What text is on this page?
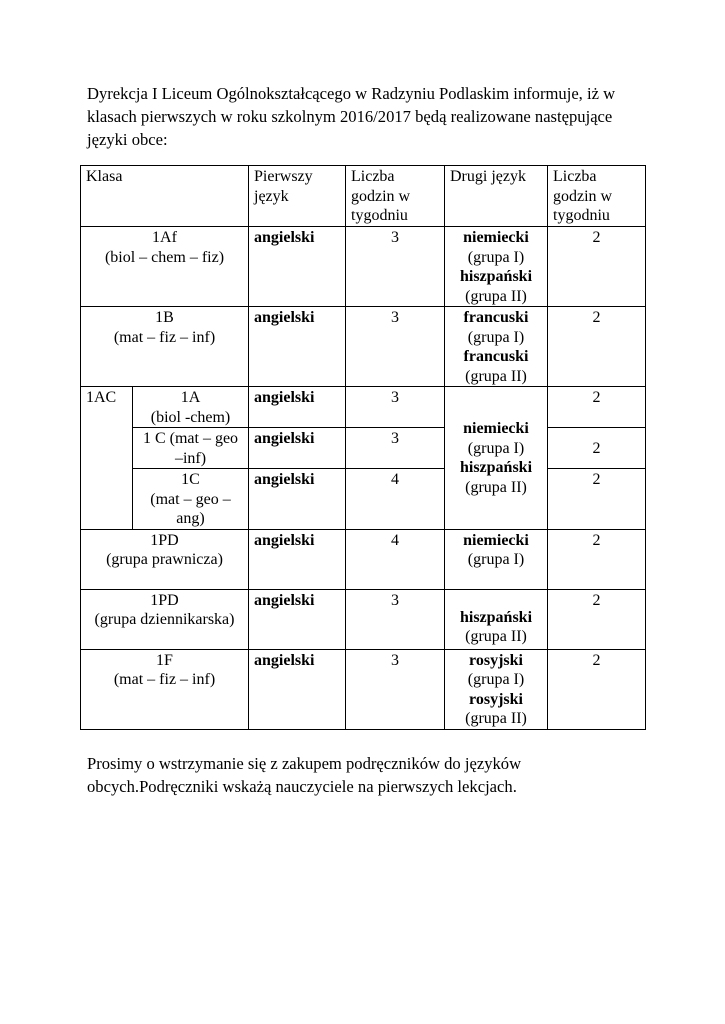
Dyrekcja I Liceum Ogólnokształcącego w Radzyniu Podlaskim informuje, iż w klasach pierwszych w roku szkolnym 2016/2017 będą realizowane następujące języki obce:

Klasa		Pierwszy język	Liczba godzin w tygodniu	Drugi język	Liczba godzin w tygodniu

1Af
(biol – chem – fiz)		angielski	3	niemiecki
(grupa I)
hiszpański
(grupa II)	2

1B
(mat – fiz – inf)		angielski	3	francuski
(grupa I)
francuski
(grupa II)	2
1AC	1A
(biol -chem)	angielski	3	niemiecki
(grupa I)
hiszpański
(grupa II)	2
	1 C (mat – geo –inf)	angielski	3		2

	1C
(mat – geo – ang)	angielski	4		2

1PD
(grupa prawnicza)		angielski	4	niemiecki
(grupa I)	2

1PD
(grupa dziennikarska)		angielski	3	hiszpański
(grupa II)	2

1F
(mat – fiz – inf)		angielski	3	rosyjski
(grupa I)
rosyjski
(grupa II)	2

Prosimy o wstrzymanie się z zakupem podręczników do języków obcych.Podręczniki wskażą nauczyciele na pierwszych lekcjach.
